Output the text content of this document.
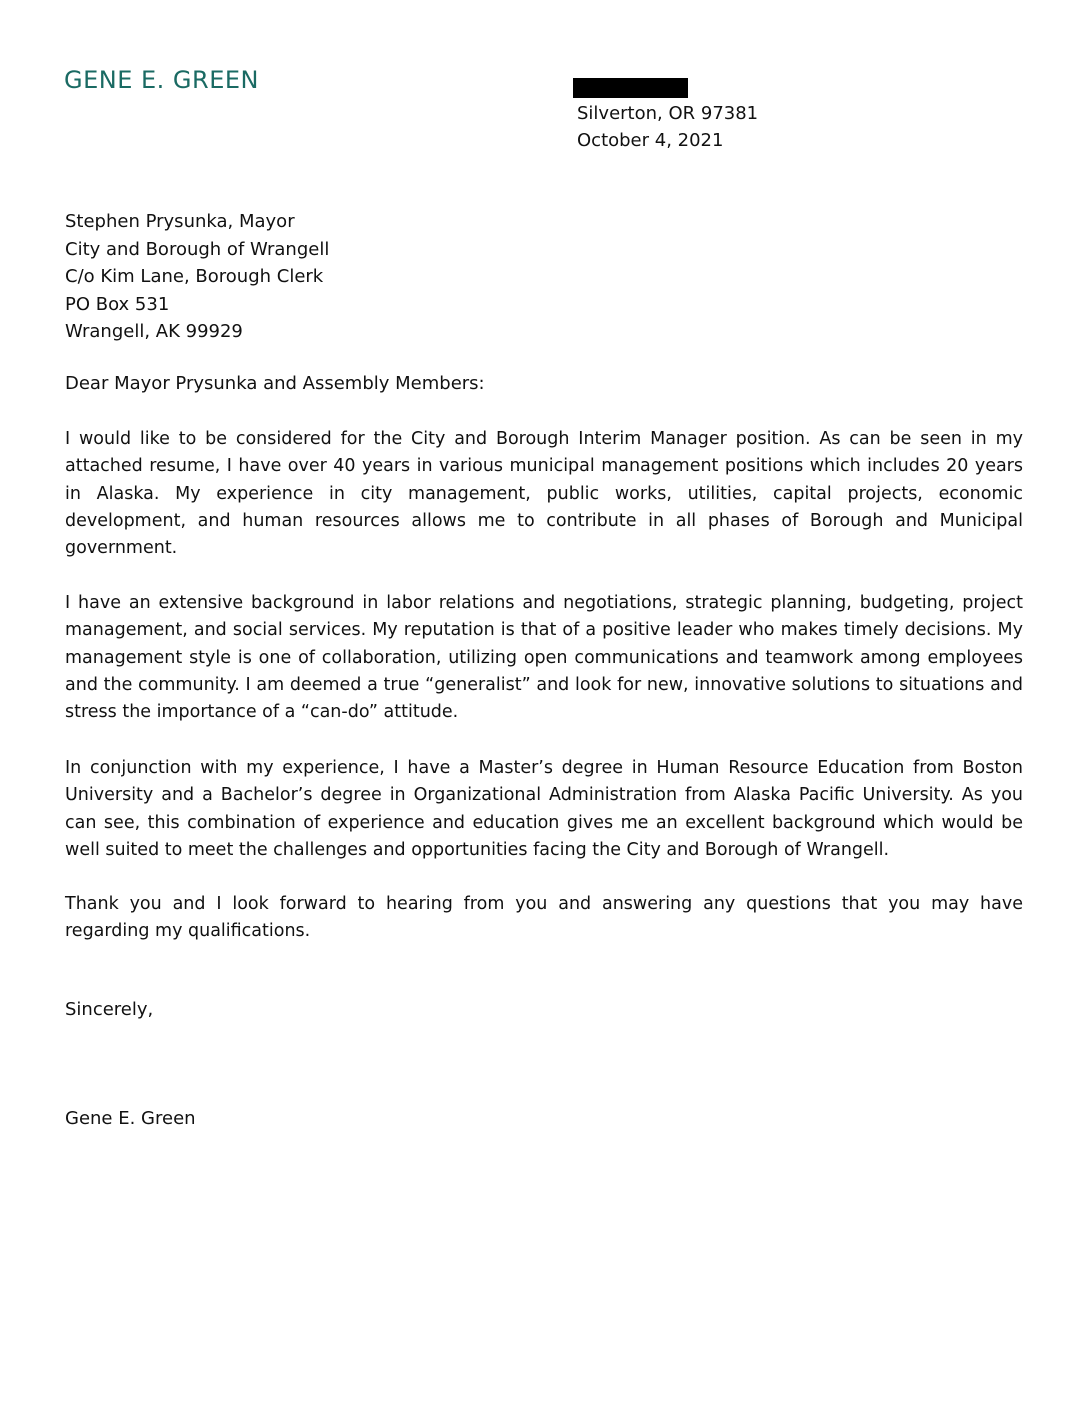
GENE E. GREEN
Silverton, OR 97381
October 4, 2021
Stephen Prysunka, Mayor
City and Borough of Wrangell
C/o Kim Lane, Borough Clerk
PO Box 531
Wrangell, AK 99929
Dear Mayor Prysunka and Assembly Members:

I would like to be considered for the City and Borough Interim Manager position. As can be seen in my attached resume, I have over 40 years in various municipal management positions which includes 20 years in Alaska. My experience in city management, public works, utilities, capital projects, economic development, and human resources allows me to contribute in all phases of Borough and Municipal government.

I have an extensive background in labor relations and negotiations, strategic planning, budgeting, project management, and social services. My reputation is that of a positive leader who makes timely decisions. My management style is one of collaboration, utilizing open communications and teamwork among employees and the community. I am deemed a true “generalist” and look for new, innovative solutions to situations and stress the importance of a “can-do” attitude.

In conjunction with my experience, I have a Master’s degree in Human Resource Education from Boston University and a Bachelor’s degree in Organizational Administration from Alaska Pacific University. As you can see, this combination of experience and education gives me an excellent background which would be well suited to meet the challenges and opportunities facing the City and Borough of Wrangell.

Thank you and I look forward to hearing from you and answering any questions that you may have regarding my qualifications.

Sincerely,
Gene E. Green
